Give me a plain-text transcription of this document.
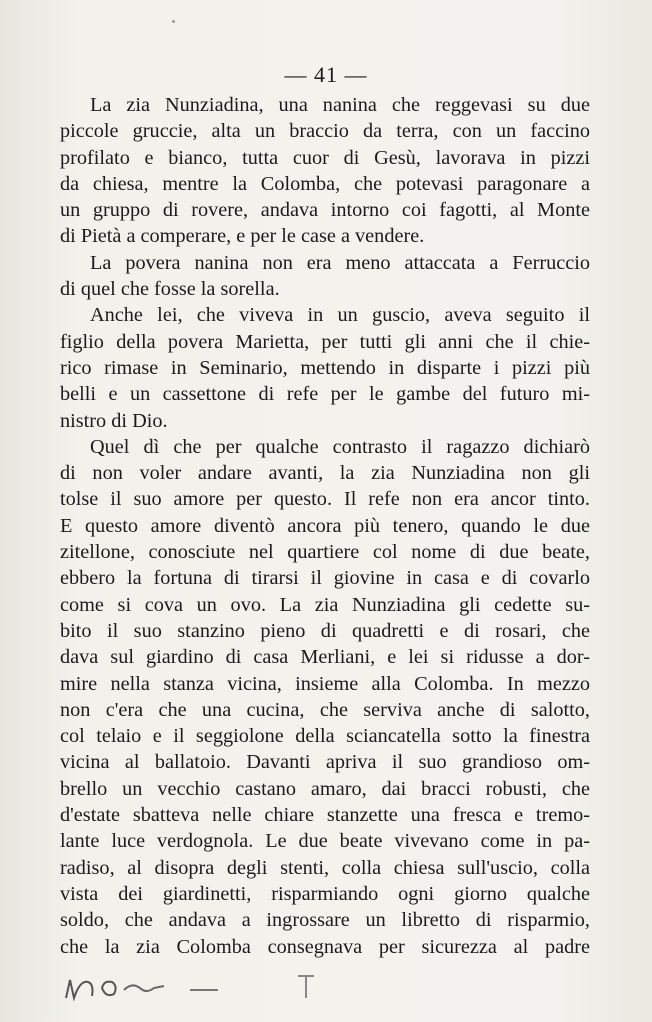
— 41 —
La zia Nunziadina, una nanina che reggevasi su due
piccole gruccie, alta un braccio da terra, con un faccino
profilato e bianco, tutta cuor di Gesù, lavorava in pizzi
da chiesa, mentre la Colomba, che potevasi paragonare a
un gruppo di rovere, andava intorno coi fagotti, al Monte
di Pietà a comperare, e per le case a vendere.
La povera nanina non era meno attaccata a Ferruccio
di quel che fosse la sorella.
Anche lei, che viveva in un guscio, aveva seguito il
figlio della povera Marietta, per tutti gli anni che il chie-
rico rimase in Seminario, mettendo in disparte i pizzi più
belli e un cassettone di refe per le gambe del futuro mi-
nistro di Dio.
Quel dì che per qualche contrasto il ragazzo dichiarò
di non voler andare avanti, la zia Nunziadina non gli
tolse il suo amore per questo. Il refe non era ancor tinto.
E questo amore diventò ancora più tenero, quando le due
zitellone, conosciute nel quartiere col nome di due beate,
ebbero la fortuna di tirarsi il giovine in casa e di covarlo
come si cova un ovo. La zia Nunziadina gli cedette su-
bito il suo stanzino pieno di quadretti e di rosari, che
dava sul giardino di casa Merliani, e lei si ridusse a dor-
mire nella stanza vicina, insieme alla Colomba. In mezzo
non c'era che una cucina, che serviva anche di salotto,
col telaio e il seggiolone della sciancatella sotto la finestra
vicina al ballatoio. Davanti apriva il suo grandioso om-
brello un vecchio castano amaro, dai bracci robusti, che
d'estate sbatteva nelle chiare stanzette una fresca e tremo-
lante luce verdognola. Le due beate vivevano come in pa-
radiso, al disopra degli stenti, colla chiesa sull'uscio, colla
vista dei giardinetti, risparmiando ogni giorno qualche
soldo, che andava a ingrossare un libretto di risparmio,
che la zia Colomba consegnava per sicurezza al padre
